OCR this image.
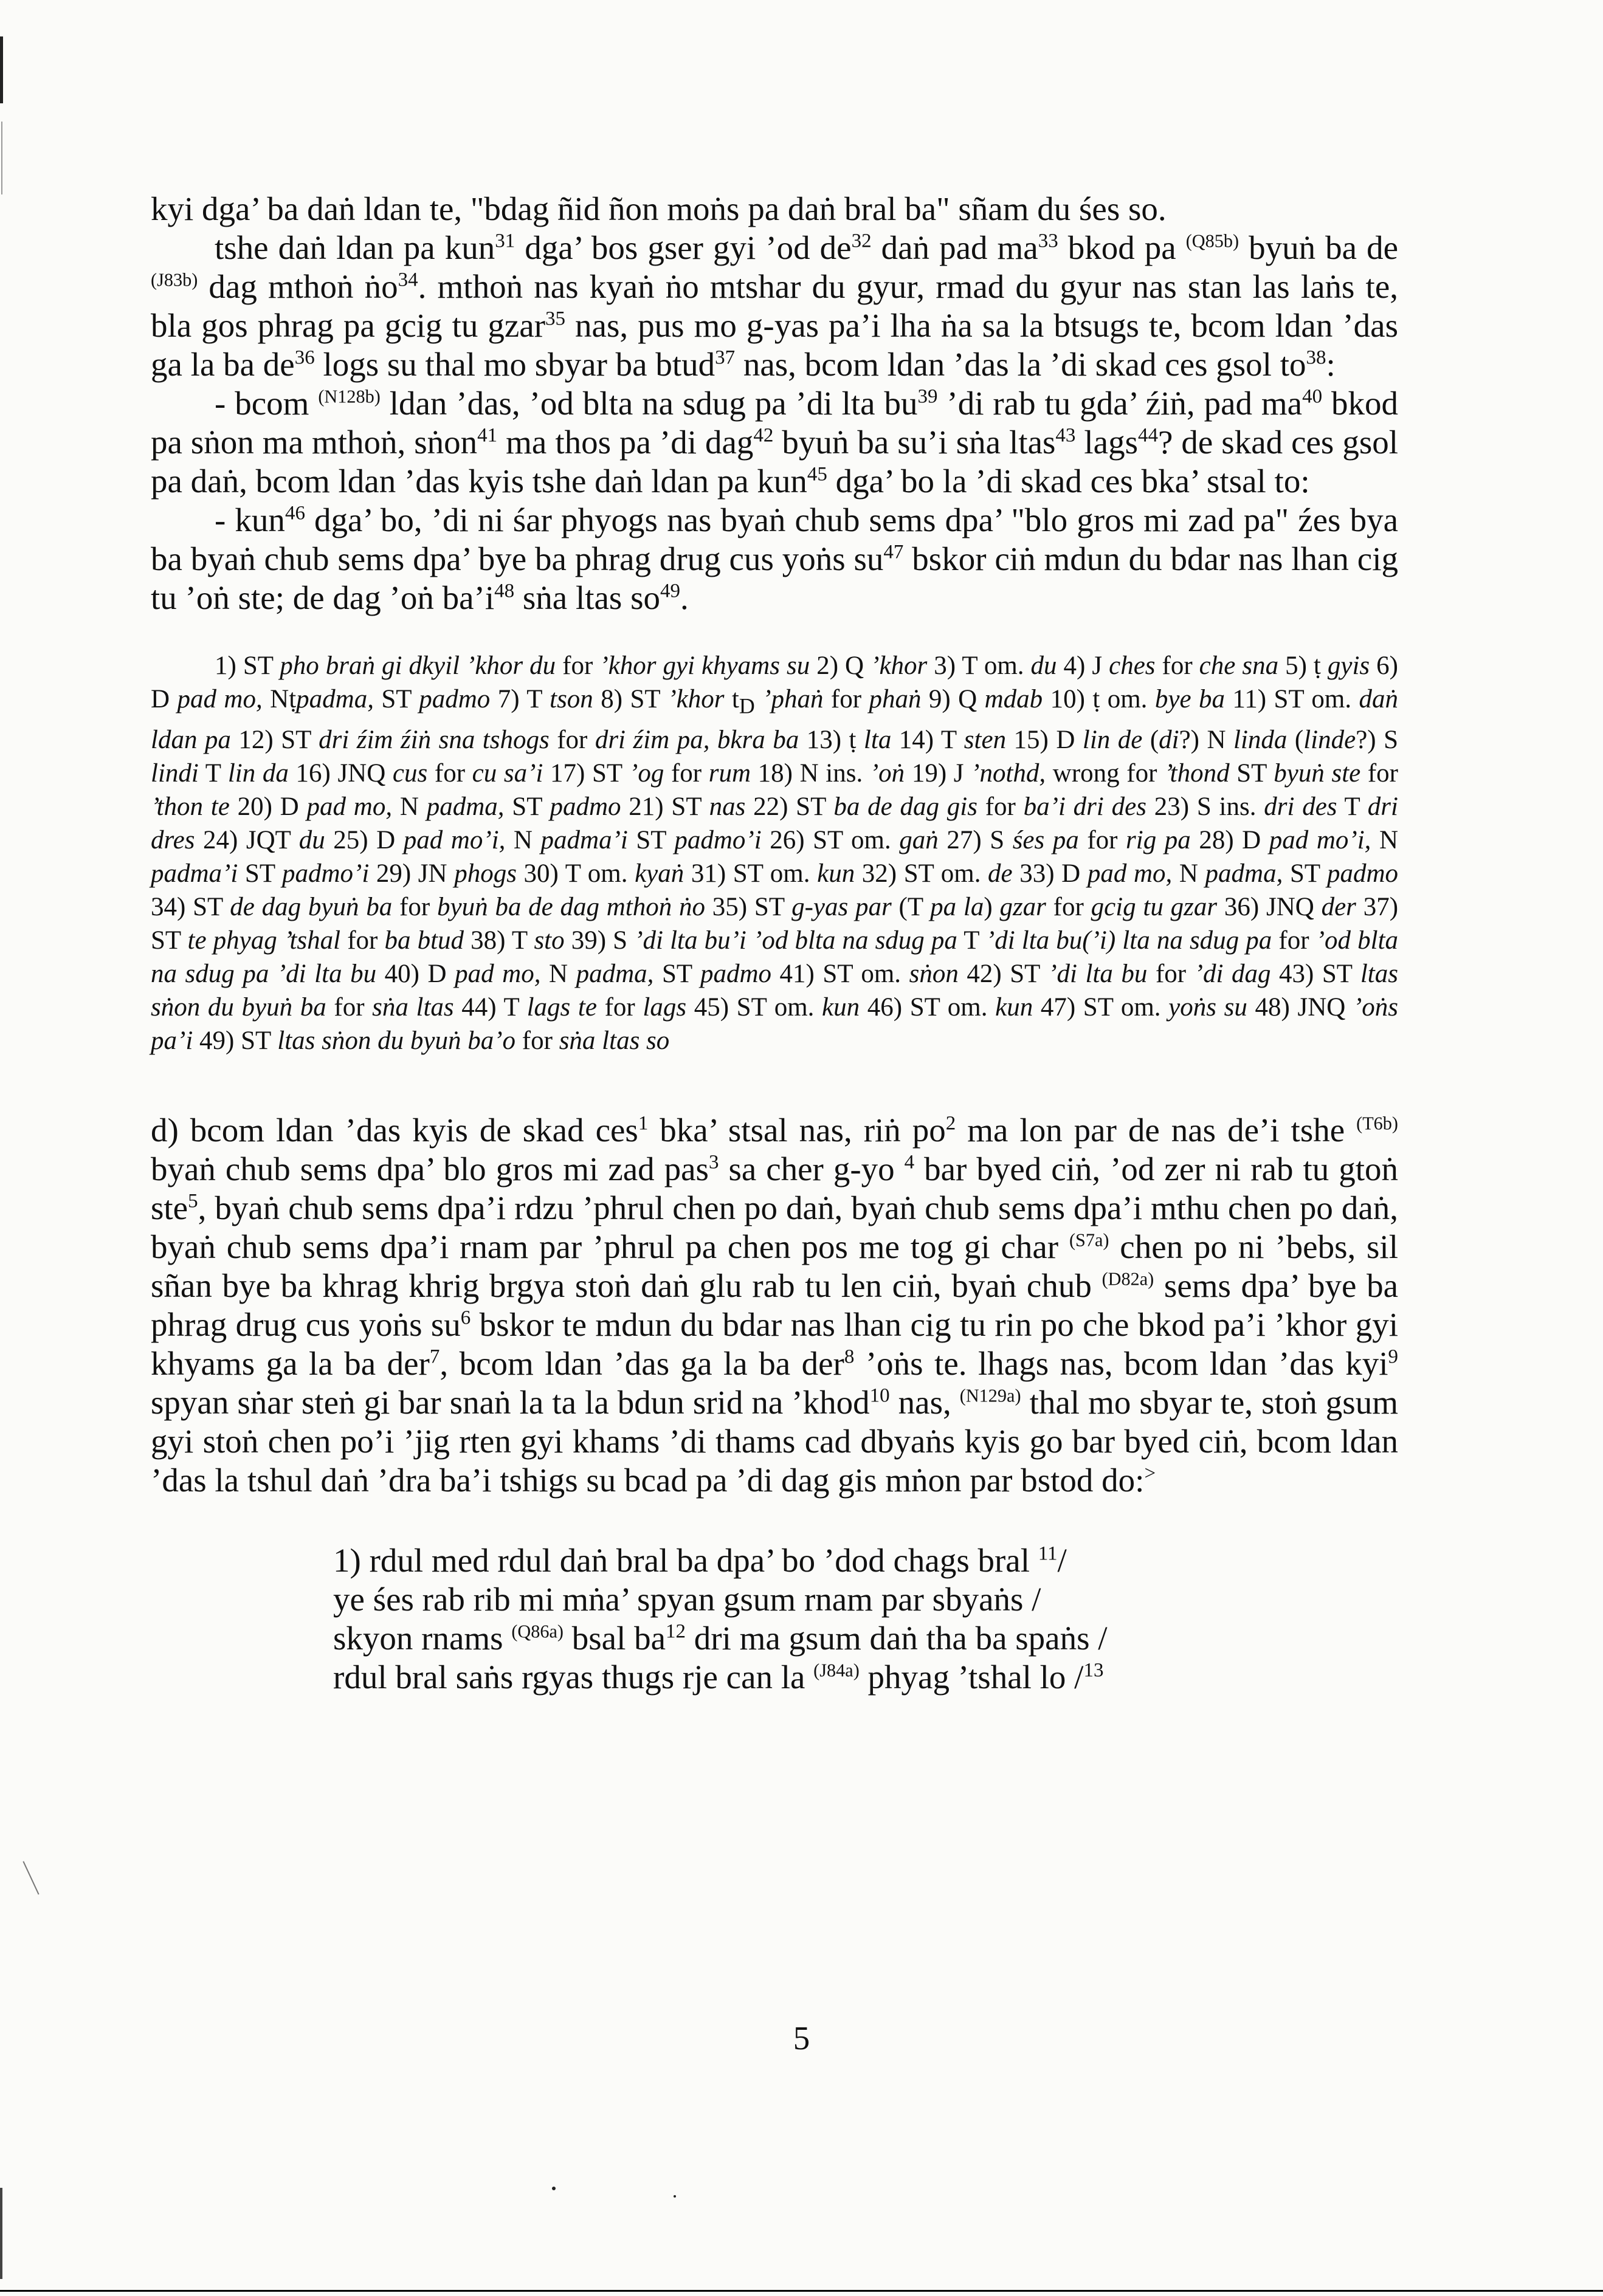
kyi dga’ ba daṅ ldan te, "bdag ñid ñon moṅs pa daṅ bral ba" sñam du śes so.
tshe daṅ ldan pa kun$^{31}$ dga’ bos gser gyi ’od $de^{32}$ daṅ pad $ma^{33}$ bkod pa $^{(Q85b)}$ byuṅ ba de $^{(J83b)}$ dag mthoṅ ṅo$^{34}$. mthoṅ nas kyaṅ ṅo mtshar du gyur, rmad du gyur nas stan las laṅs te, bla gos phrag pa gcig tu gzar$^{35}$ nas, pus mo g-yas pa’i lha ṅa sa la btsugs te, bcom ldan ’das ga la ba $de^{36}$ logs su thal mo sbyar ba btud$^{37}$ nas, bcom ldan ’das la ’di skad ces gsol $to^{38}$:
- bcom $^{(N128b)}$ ldan ’das, ’od blta na sdug pa ’di lta $bu^{39}$ ’di rab tu gda’ źiṅ, pad $ma^{40}$ bkod pa sṅon ma mthoṅ, sṅon$^{41}$ ma thos pa ’di dag$^{42}$ byuṅ ba su’i sṅa ltas$^{43}$ lags$^{44}$? de skad ces gsol pa daṅ, bcom ldan ’das kyis tshe daṅ ldan pa kun$^{45}$ dga’ bo la ’di skad ces bka’ stsal to:
- kun$^{46}$ dga’ bo, ’di ni śar phyogs nas byaṅ chub sems dpa’ "blo gros mi zad pa" źes bya ba byaṅ chub sems dpa’ bye ba phrag drug cus yoṅs $su^{47}$ bskor ciṅ mdun du bdar nas lhan cig tu ’oṅ ste; de dag ’oṅ $ba’i^{48}$ sṅa ltas $so^{49}$.

1) ST pho braṅ gi dkyil ’khor du for ’khor gyi khyams su 2) Q ’khor 3) T om. du 4) J ches for che sna 5) ṭ gyis 6) D pad mo, Nṭpadma, ST padmo 7) T tson 8) ST ’khor $t_D$ ’phaṅ for phaṅ 9) Q mdab 10) ṭ om. bye ba 11) ST om. daṅ ldan pa 12) ST dri źim źiṅ sna tshogs for dri źim pa, bkra ba 13) ṭ lta 14) T sten 15) D lin de (di?) N linda (linde?) S lindi T lin da 16) JNQ cus for cu sa’i 17) ST ’og for rum 18) N ins. ’oṅ 19) J ’nothd, wrong for ’thond ST byuṅ ste for ’thon te 20) D pad mo, N padma, ST padmo 21) ST nas 22) ST ba de dag gis for ba’i dri des 23) S ins. dri des T dri dres 24) JQT du 25) D pad mo’i, N padma’i ST padmo’i 26) ST om. gaṅ 27) S śes pa for rig pa 28) D pad mo’i, N padma’i ST padmo’i 29) JN phogs 30) T om. kyaṅ 31) ST om. kun 32) ST om. de 33) D pad mo, N padma, ST padmo 34) ST de dag byuṅ ba for byuṅ ba de dag mthoṅ ṅo 35) ST g-yas par (T pa la) gzar for gcig tu gzar 36) JNQ der 37) ST te phyag ’tshal for ba btud 38) T sto 39) S ’di lta bu’i ’od blta na sdug pa T ’di lta bu(’i) lta na sdug pa for ’od blta na sdug pa ’di lta bu 40) D pad mo, N padma, ST padmo 41) ST om. sṅon 42) ST ’di lta bu for ’di dag 43) ST ltas sṅon du byuṅ ba for sṅa ltas 44) T lags te for lags 45) ST om. kun 46) ST om. kun 47) ST om. yoṅs su 48) JNQ ’oṅs pa’i 49) ST ltas sṅon du byuṅ ba’o for sṅa ltas so

d) bcom ldan ’das kyis de skad ces$^1$ bka’ stsal nas, riṅ $po^2$ ma lon par de nas de’i tshe $^{(T6b)}$ byaṅ chub sems dpa’ blo gros mi zad pas$^3$ sa cher g-yo $^4$ bar byed ciṅ, ’od zer ni rab tu gtoṅ ste$^5$, byaṅ chub sems dpa’i rdzu ’phrul chen po daṅ, byaṅ chub sems dpa’i mthu chen po daṅ, byaṅ chub sems dpa’i rnam par ’phrul pa chen pos me tog gi char $^{(S7a)}$ chen po ni ’bebs, sil sñan bye ba khrag khrig brgya stoṅ daṅ glu rab tu len ciṅ, byaṅ chub $^{(D82a)}$ sems dpa’ bye ba phrag drug cus yoṅs $su^6$ bskor te mdun du bdar nas lhan cig tu rin po che bkod pa’i ’khor gyi khyams ga la ba der$^7$, bcom ldan ’das ga la ba der$^8$ ’oṅs te. lhags nas, bcom ldan ’das kyi$^9$ spyan sṅar steṅ gi bar snaṅ la ta la bdun srid na ’khod$^{10}$ nas, $^{(N129a)}$ thal mo sbyar te, stoṅ gsum gyi stoṅ chen po’i ’jig rten gyi khams ’di thams cad dbyaṅs kyis go bar byed ciṅ, bcom ldan ’das la tshul daṅ ’dra ba’i tshigs su bcad pa ’di dag gis mṅon par bstod do:>
1) rdul med rdul daṅ bral ba dpa’ bo ’dod chags bral $^{11}$/
ye śes rab rib mi mṅa’ spyan gsum rnam par sbyaṅs /
skyon rnams $^{(Q86a)}$ bsal $ba^{12}$ dri ma gsum daṅ tha ba spaṅs /
rdul bral saṅs rgyas thugs rje can la $^{(J84a)}$ phyag ’tshal lo /$^{13}$
5
